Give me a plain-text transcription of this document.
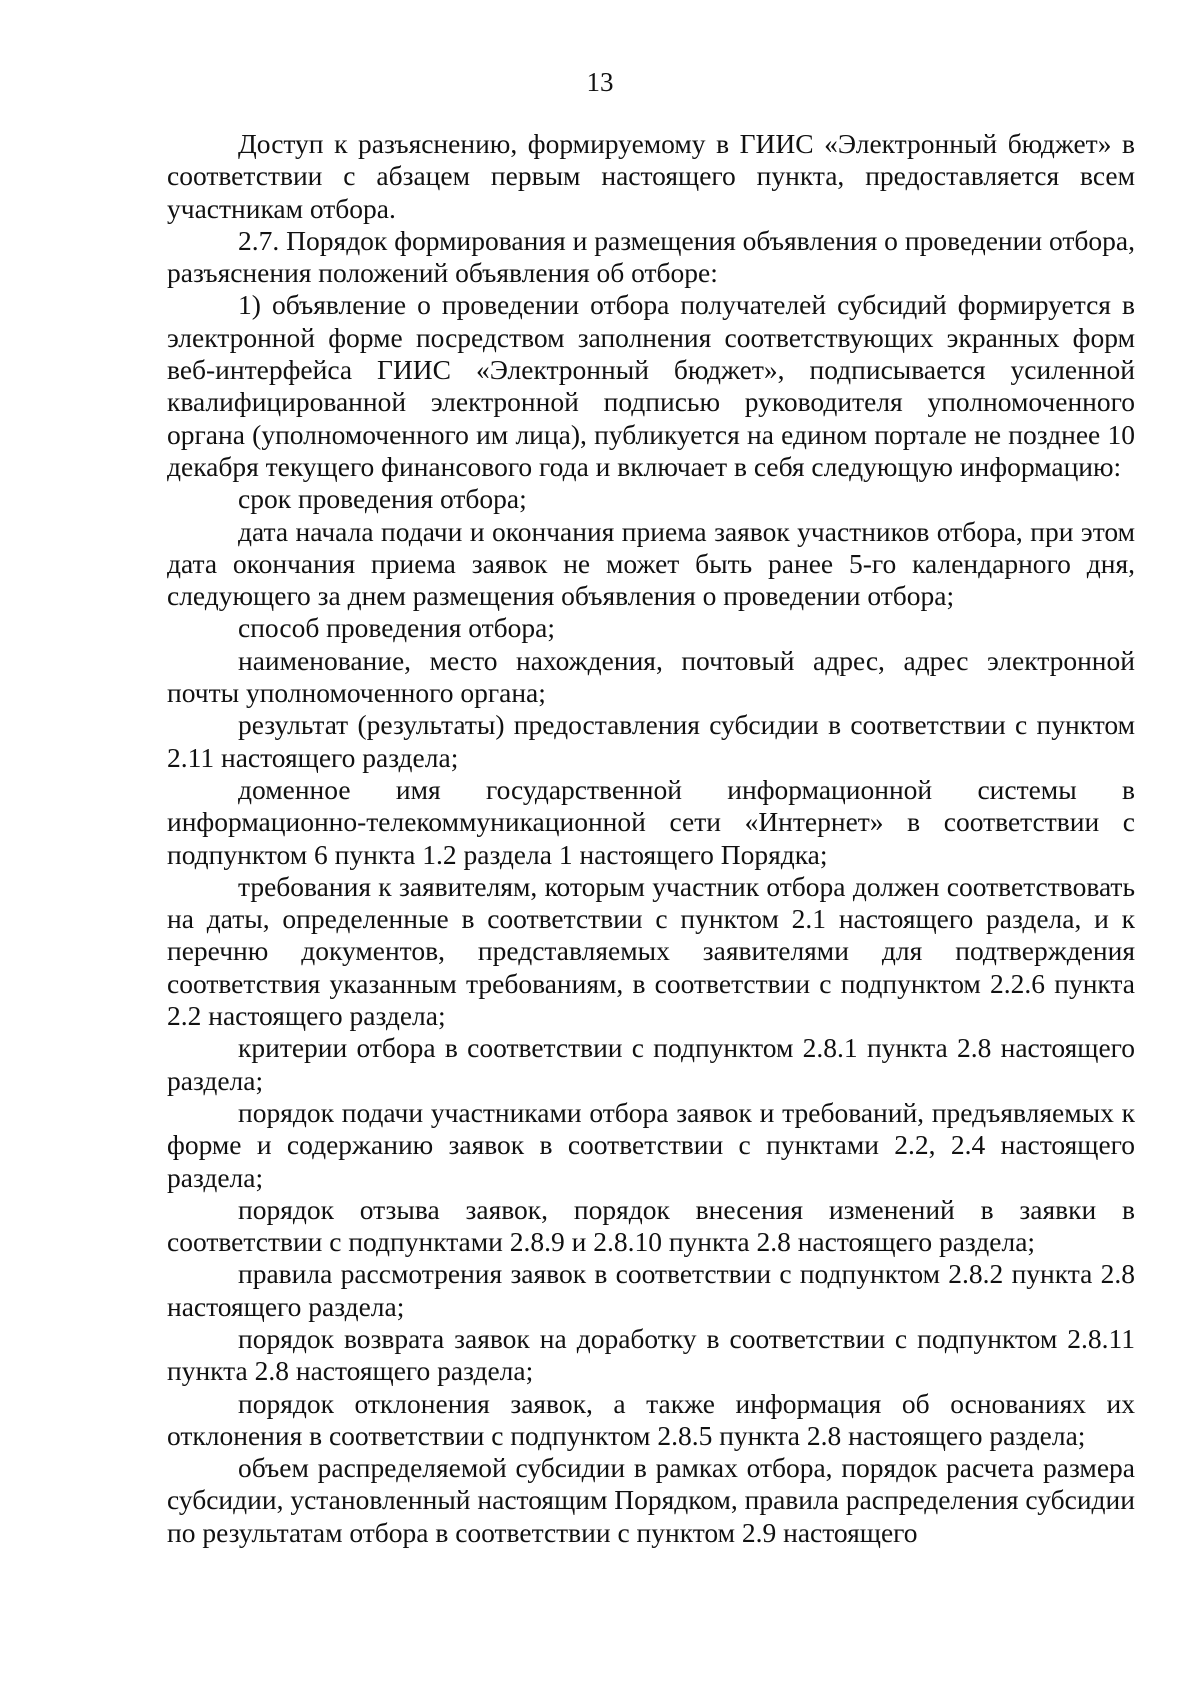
13

Доступ к разъяснению, формируемому в ГИИС «Электронный бюджет» в соответствии с абзацем первым настоящего пункта, предоставляется всем участникам отбора.

2.7. Порядок формирования и размещения объявления о проведении отбора, разъяснения положений объявления об отборе:

1) объявление о проведении отбора получателей субсидий формируется в электронной форме посредством заполнения соответствующих экранных форм веб-интерфейса ГИИС «Электронный бюджет», подписывается усиленной квалифицированной электронной подписью руководителя уполномоченного органа (уполномоченного им лица), публикуется на едином портале не позднее 10 декабря текущего финансового года и включает в себя следующую информацию:

срок проведения отбора;

дата начала подачи и окончания приема заявок участников отбора, при этом дата окончания приема заявок не может быть ранее 5-го календарного дня, следующего за днем размещения объявления о проведении отбора;

способ проведения отбора;

наименование, место нахождения, почтовый адрес, адрес электронной почты уполномоченного органа;

результат (результаты) предоставления субсидии в соответствии с пунктом 2.11 настоящего раздела;

доменное имя государственной информационной системы в информационно-телекоммуникационной сети «Интернет» в соответствии с подпунктом 6 пункта 1.2 раздела 1 настоящего Порядка;

требования к заявителям, которым участник отбора должен соответствовать на даты, определенные в соответствии с пунктом 2.1 настоящего раздела, и к перечню документов, представляемых заявителями для подтверждения соответствия указанным требованиям, в соответствии с подпунктом 2.2.6 пункта 2.2 настоящего раздела;

критерии отбора в соответствии с подпунктом 2.8.1 пункта 2.8 настоящего раздела;

порядок подачи участниками отбора заявок и требований, предъявляемых к форме и содержанию заявок в соответствии с пунктами 2.2, 2.4 настоящего раздела;

порядок отзыва заявок, порядок внесения изменений в заявки в соответствии с подпунктами 2.8.9 и 2.8.10 пункта 2.8 настоящего раздела;

правила рассмотрения заявок в соответствии с подпунктом 2.8.2 пункта 2.8 настоящего раздела;

порядок возврата заявок на доработку в соответствии с подпунктом 2.8.11 пункта 2.8 настоящего раздела;

порядок отклонения заявок, а также информация об основаниях их отклонения в соответствии с подпунктом 2.8.5 пункта 2.8 настоящего раздела;

объем распределяемой субсидии в рамках отбора, порядок расчета размера субсидии, установленный настоящим Порядком, правила распределения субсидии по результатам отбора в соответствии с пунктом 2.9 настоящего
